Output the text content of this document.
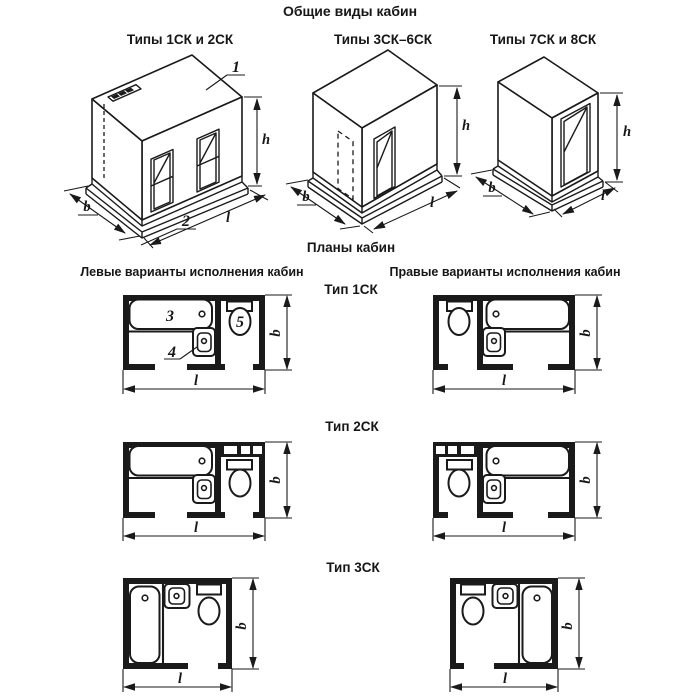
Общие виды кабин
Типы 1СК и 2СК	Типы 3СК–6СК	Типы 7СК и 8СК
h
b
l
1
2
h
b	l
h
b	l
Планы кабин
Левые варианты исполнения кабин	Правые варианты исполнения кабин
Тип 1СК
Тип 2СК
Тип 3СК
3
4
5
b
l
b
l
b
l
b
l
b
l
b
l
